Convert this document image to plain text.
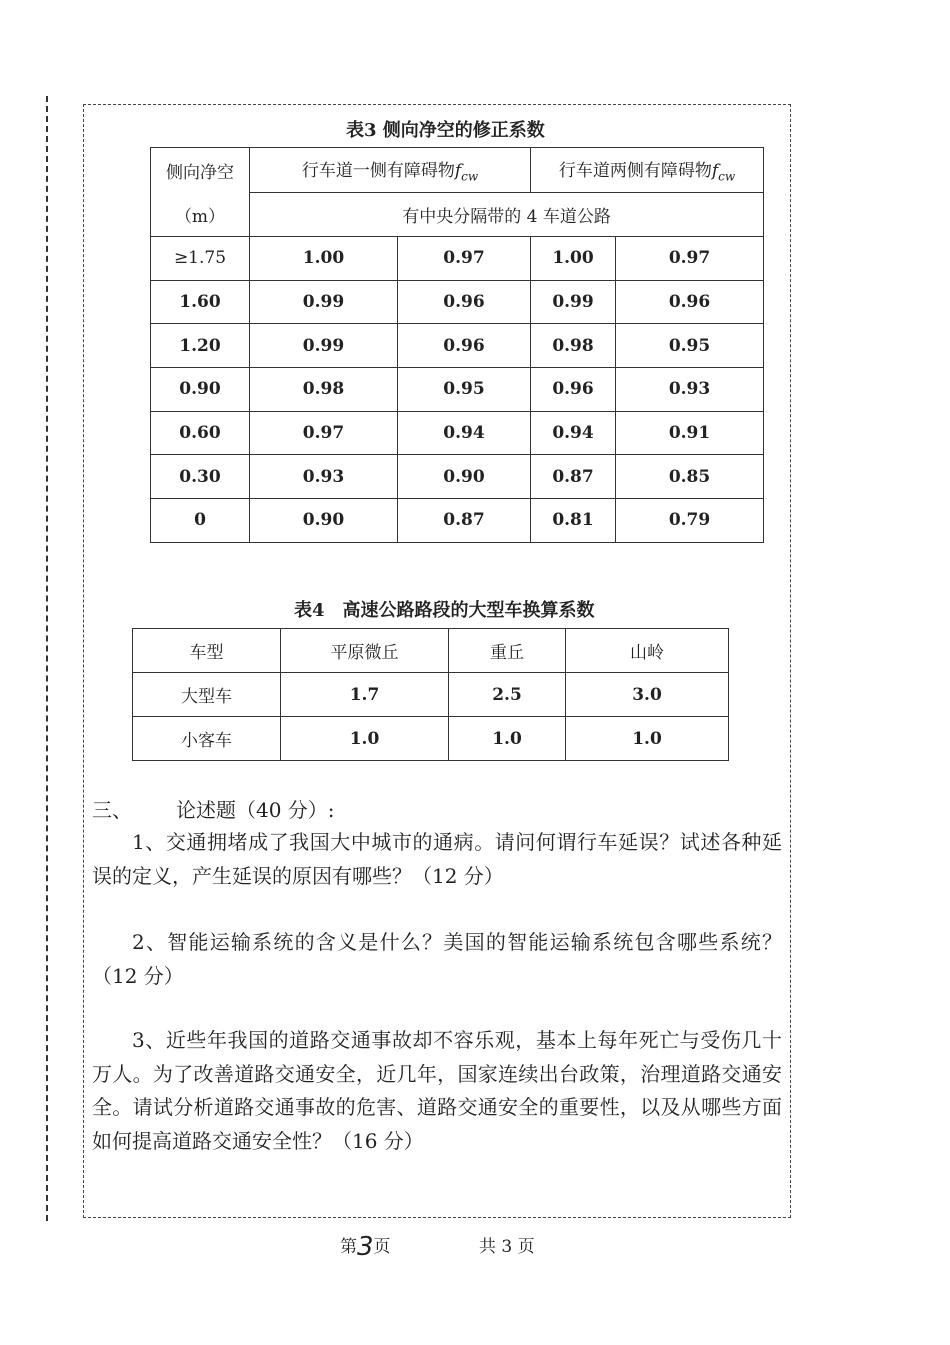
表3 侧向净空的修正系数
侧向净空	行车道一侧有障碍物$f_{cw}$		行车道两侧有障碍物$f_{cw}$
（m）	有中央分隔带的 4 车道公路			
≥1.75	1.00	0.97	1.00	0.97
1.60	0.99	0.96	0.99	0.96
1.20	0.99	0.96	0.98	0.95
0.90	0.98	0.95	0.96	0.93
0.60	0.97	0.94	0.94	0.91
0.30	0.93	0.90	0.87	0.85
0	0.90	0.87	0.81	0.79
表4　高速公路路段的大型车换算系数
车型	平原微丘	重丘	山岭
大型车	1.7	2.5	3.0
小客车	1.0	1.0	1.0
三、 论述题（40 分）:
1、交通拥堵成了我国大中城市的通病。请问何谓行车延误？试述各种延误的定义，产生延误的原因有哪些？（12 分）
2、智能运输系统的含义是什么？美国的智能运输系统包含哪些系统？（12 分）
3、近些年我国的道路交通事故却不容乐观，基本上每年死亡与受伤几十万人。为了改善道路交通安全，近几年，国家连续出台政策，治理道路交通安全。请试分析道路交通事故的危害、道路交通安全的重要性，以及从哪些方面如何提高道路交通安全性？（16 分）
第3页	共 3 页
